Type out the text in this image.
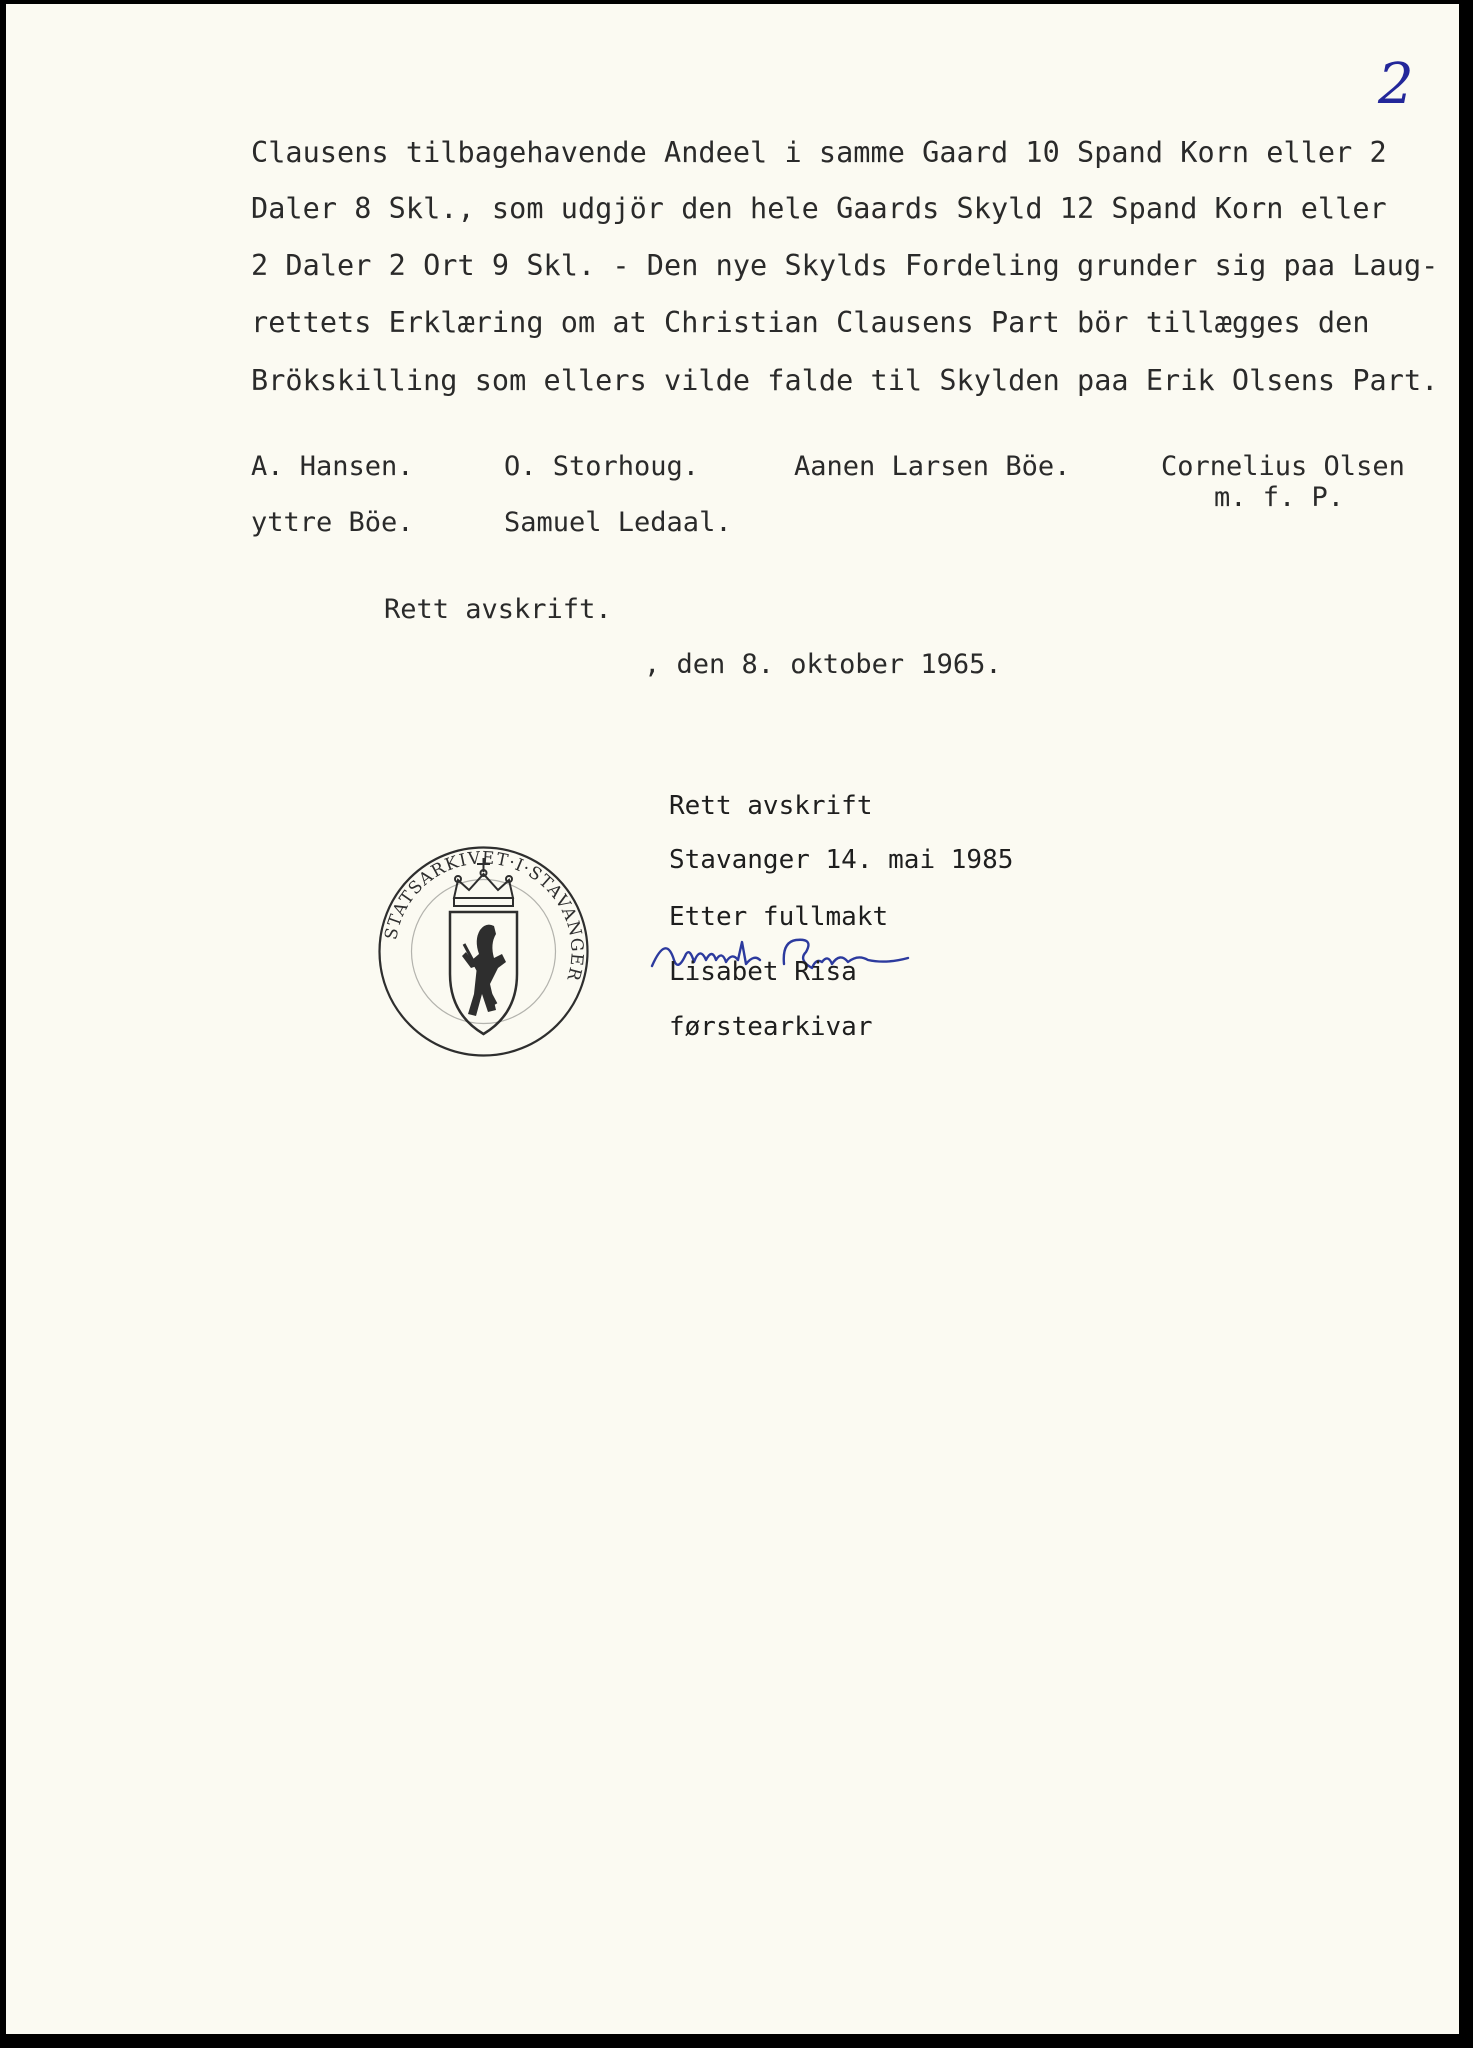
2
Clausens tilbagehavende Andeel i samme Gaard 10 Spand Korn eller 2
Daler 8 Skl., som udgjör den hele Gaards Skyld 12 Spand Korn eller
2 Daler 2 Ort 9 Skl. - Den nye Skylds Fordeling grunder sig paa Laug-
rettets Erklæring om at Christian Clausens Part bör tillægges den
Brökskilling som ellers vilde falde til Skylden paa Erik Olsens Part.
A. Hansen.	O. Storhoug.	Aanen Larsen Böe.	Cornelius Olsen
m. f. P.
yttre Böe.	Samuel Ledaal.
Rett avskrift.
, den 8. oktober 1965.
STATSARKIVET·I·STAVANGER
Rett avskrift
Stavanger 14. mai 1985
Etter fullmakt
Lisabet Risa
førstearkivar
